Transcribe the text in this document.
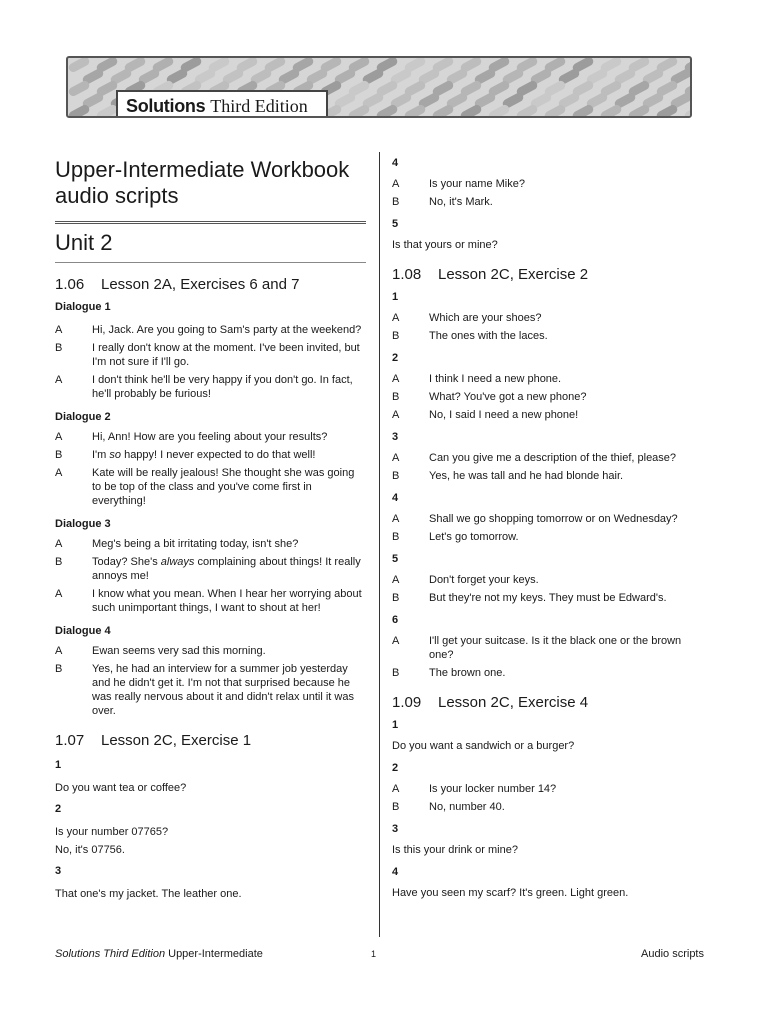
Solutions Third Edition
Upper-Intermediate Workbook
audio scripts
Unit 2
1.06	Lesson 2A, Exercises 6 and 7
Dialogue 1
A	Hi, Jack. Are you going to Sam's party at the weekend?
B	I really don't know at the moment. I've been invited, but I'm not sure if I'll go.
A	I don't think he'll be very happy if you don't go. In fact, he'll probably be furious!
Dialogue 2
A	Hi, Ann! How are you feeling about your results?
B	I'm so happy! I never expected to do that well!
A	Kate will be really jealous! She thought she was going to be top of the class and you've come first in everything!
Dialogue 3
A	Meg's being a bit irritating today, isn't she?
B	Today? She's always complaining about things! It really annoys me!
A	I know what you mean. When I hear her worrying about such unimportant things, I want to shout at her!
Dialogue 4
A	Ewan seems very sad this morning.
B	Yes, he had an interview for a summer job yesterday and he didn't get it. I'm not that surprised because he was really nervous about it and didn't relax until it was over.
1.07	Lesson 2C, Exercise 1
1
Do you want tea or coffee?
2
Is your number 07765?
No, it's 07756.
3
That one's my jacket. The leather one.
4
A	Is your name Mike?
B	No, it's Mark.
5
Is that yours or mine?
1.08	Lesson 2C, Exercise 2
1
A	Which are your shoes?
B	The ones with the laces.
2
A	I think I need a new phone.
B	What? You've got a new phone?
A	No, I said I need a new phone!
3
A	Can you give me a description of the thief, please?
B	Yes, he was tall and he had blonde hair.
4
A	Shall we go shopping tomorrow or on Wednesday?
B	Let's go tomorrow.
5
A	Don't forget your keys.
B	But they're not my keys. They must be Edward's.
6
A	I'll get your suitcase. Is it the black one or the brown one?
B	The brown one.
1.09	Lesson 2C, Exercise 4
1
Do you want a sandwich or a burger?
2
A	Is your locker number 14?
B	No, number 40.
3
Is this your drink or mine?
4
Have you seen my scarf? It's green. Light green.
Solutions Third Edition Upper-Intermediate	1	Audio scripts
